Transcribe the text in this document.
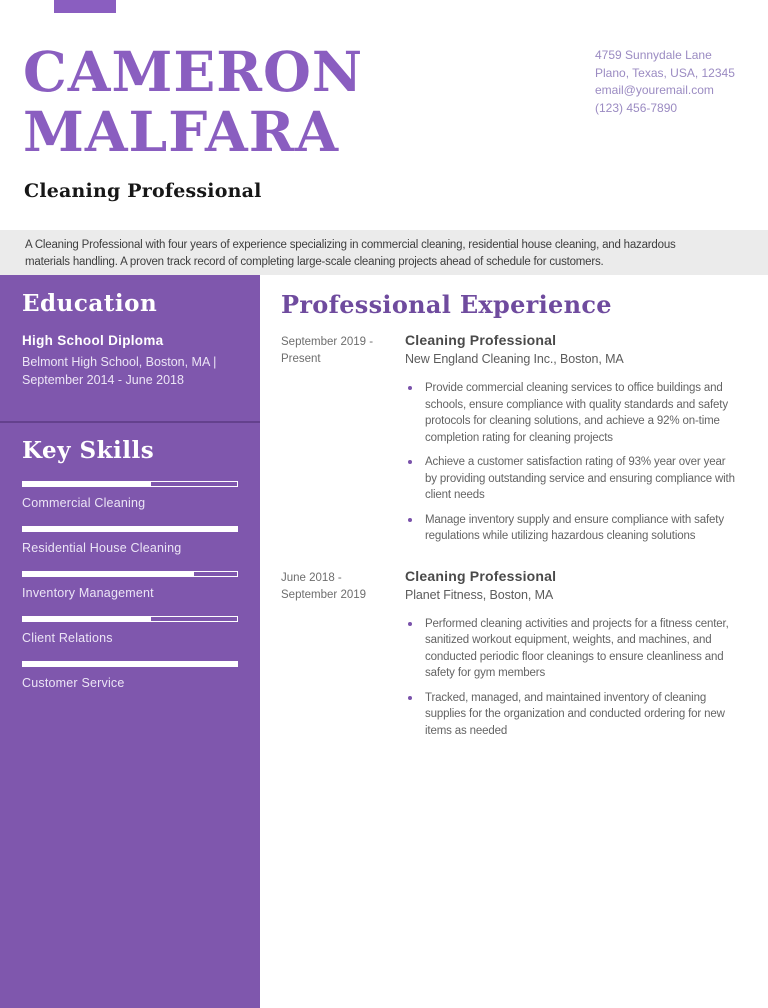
CAMERON
MALFARA
Cleaning Professional
4759 Sunnydale Lane
Plano, Texas, USA, 12345
email@youremail.com
(123) 456-7890

A Cleaning Professional with four years of experience specializing in commercial cleaning, residential house cleaning, and hazardous materials handling. A proven track record of completing large-scale cleaning projects ahead of schedule for customers.

Education
High School Diploma
Belmont High School, Boston, MA |
September 2014 - June 2018
Key Skills
Commercial Cleaning
Residential House Cleaning
Inventory Management
Client Relations
Customer Service
Professional Experience
September 2019 -
Present
Cleaning Professional
New England Cleaning Inc., Boston, MA
Provide commercial cleaning services to office buildings and schools, ensure compliance with quality standards and safety protocols for cleaning solutions, and achieve a 92% on-time completion rating for cleaning projects
Achieve a customer satisfaction rating of 93% year over year by providing outstanding service and ensuring compliance with client needs
Manage inventory supply and ensure compliance with safety regulations while utilizing hazardous cleaning solutions
June 2018 -
September 2019
Cleaning Professional
Planet Fitness, Boston, MA
Performed cleaning activities and projects for a fitness center, sanitized workout equipment, weights, and machines, and conducted periodic floor cleanings to ensure cleanliness and safety for gym members
Tracked, managed, and maintained inventory of cleaning supplies for the organization and conducted ordering for new items as needed
